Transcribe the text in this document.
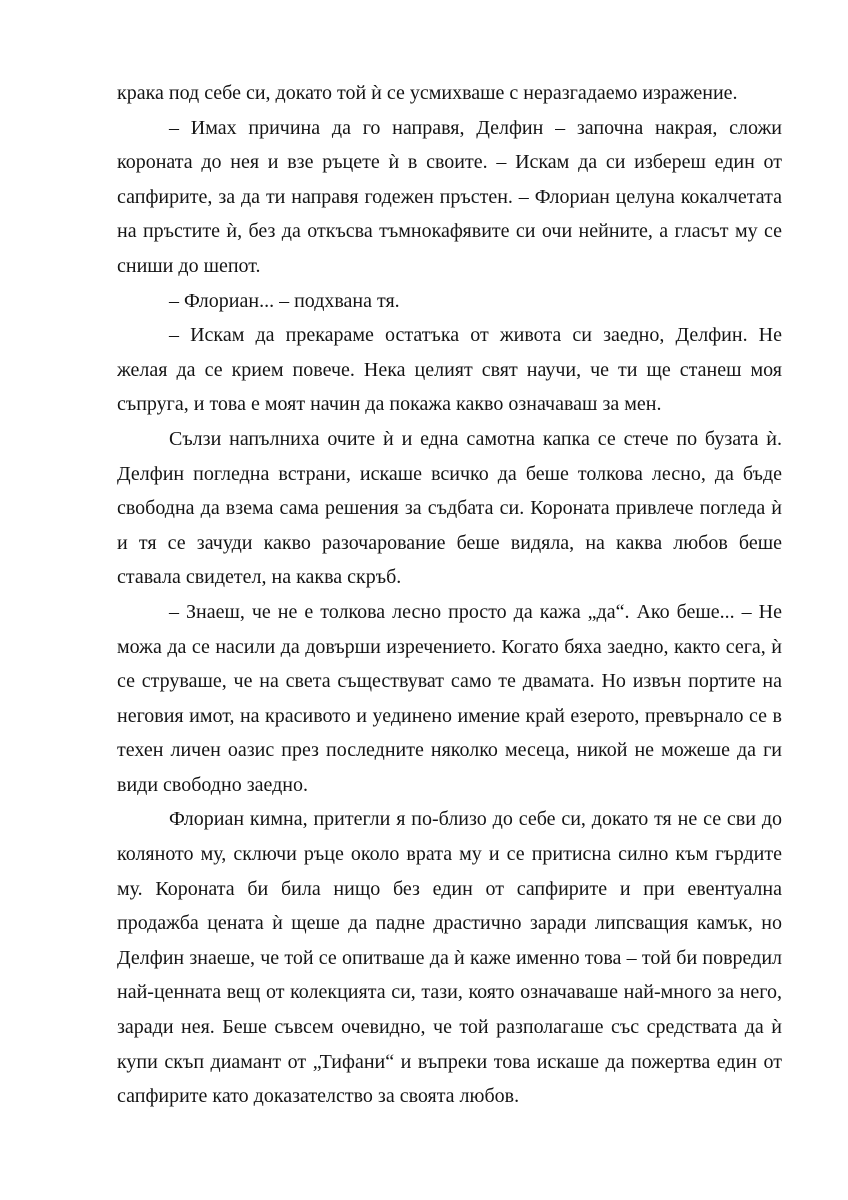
крака под себе си, докато той ѝ се усмихваше с неразгадаемо изражение.
– Имах причина да го направя, Делфин – започна накрая, сложи
короната до нея и взе ръцете ѝ в своите. – Искам да си избереш един от
сапфирите, за да ти направя годежен пръстен. – Флориан целуна кокалчетата
на пръстите ѝ, без да откъсва тъмнокафявите си очи нейните, а гласът му се
сниши до шепот.
– Флориан... – подхвана тя.
– Искам да прекараме остатъка от живота си заедно, Делфин. Не
желая да се крием повече. Нека целият свят научи, че ти ще станеш моя
съпруга, и това е моят начин да покажа какво означаваш за мен.
Сълзи напълниха очите ѝ и една самотна капка се стече по бузата ѝ.
Делфин погледна встрани, искаше всичко да беше толкова лесно, да бъде
свободна да взема сама решения за съдбата си. Короната привлече погледа ѝ
и тя се зачуди какво разочарование беше видяла, на каква любов беше
ставала свидетел, на каква скръб.
– Знаеш, че не е толкова лесно просто да кажа „да“. Ако беше... – Не
можа да се насили да довърши изречението. Когато бяха заедно, както сега, ѝ
се струваше, че на света съществуват само те двамата. Но извън портите на
неговия имот, на красивото и уединено имение край езерото, превърнало се в
техен личен оазис през последните няколко месеца, никой не можеше да ги
види свободно заедно.
Флориан кимна, притегли я по-близо до себе си, докато тя не се сви до
коляното му, сключи ръце около врата му и се притисна силно към гърдите
му. Короната би била нищо без един от сапфирите и при евентуална
продажба цената ѝ щеше да падне драстично заради липсващия камък, но
Делфин знаеше, че той се опитваше да ѝ каже именно това – той би повредил
най-ценната вещ от колекцията си, тази, която означаваше най-много за него,
заради нея. Беше съвсем очевидно, че той разполагаше със средствата да ѝ
купи скъп диамант от „Тифани“ и въпреки това искаше да пожертва един от
сапфирите като доказателство за своята любов.
